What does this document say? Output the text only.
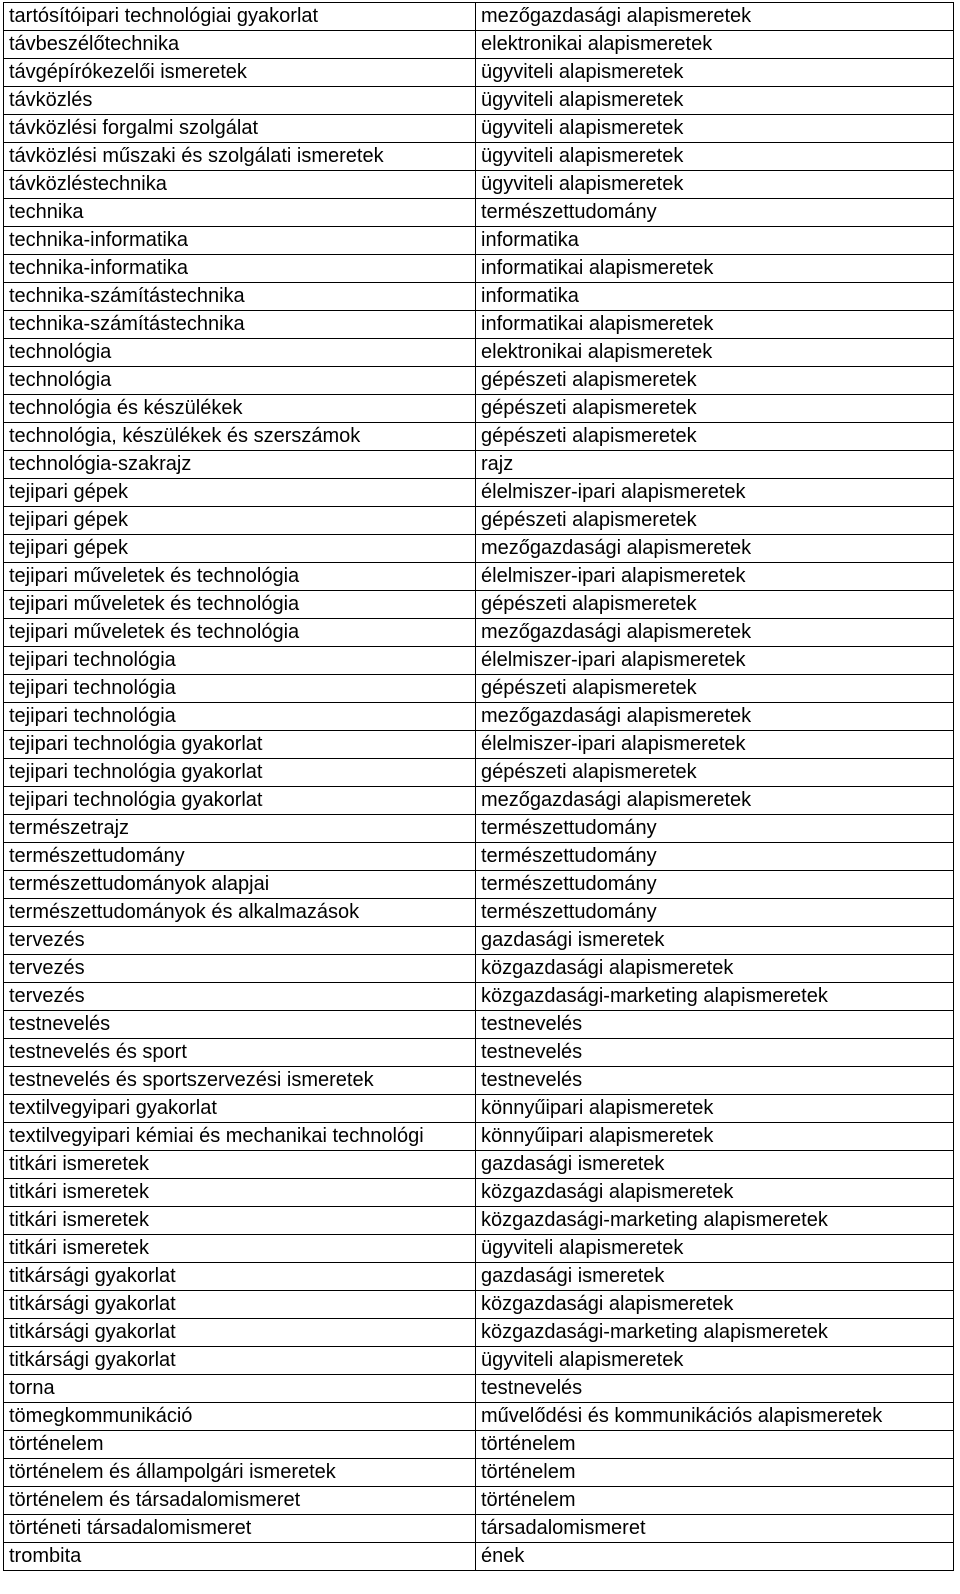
tartósítóipari technológiai gyakorlat	mezőgazdasági alapismeretek
távbeszélőtechnika	elektronikai alapismeretek
távgépírókezelői ismeretek	ügyviteli alapismeretek
távközlés	ügyviteli alapismeretek
távközlési forgalmi szolgálat	ügyviteli alapismeretek
távközlési műszaki és szolgálati ismeretek	ügyviteli alapismeretek
távközléstechnika	ügyviteli alapismeretek
technika	természettudomány
technika-informatika	informatika
technika-informatika	informatikai alapismeretek
technika-számítástechnika	informatika
technika-számítástechnika	informatikai alapismeretek
technológia	elektronikai alapismeretek
technológia	gépészeti alapismeretek
technológia és készülékek	gépészeti alapismeretek
technológia, készülékek és szerszámok	gépészeti alapismeretek
technológia-szakrajz	rajz
tejipari gépek	élelmiszer-ipari alapismeretek
tejipari gépek	gépészeti alapismeretek
tejipari gépek	mezőgazdasági alapismeretek
tejipari műveletek és technológia	élelmiszer-ipari alapismeretek
tejipari műveletek és technológia	gépészeti alapismeretek
tejipari műveletek és technológia	mezőgazdasági alapismeretek
tejipari technológia	élelmiszer-ipari alapismeretek
tejipari technológia	gépészeti alapismeretek
tejipari technológia	mezőgazdasági alapismeretek
tejipari technológia gyakorlat	élelmiszer-ipari alapismeretek
tejipari technológia gyakorlat	gépészeti alapismeretek
tejipari technológia gyakorlat	mezőgazdasági alapismeretek
természetrajz	természettudomány
természettudomány	természettudomány
természettudományok alapjai	természettudomány
természettudományok és alkalmazások	természettudomány
tervezés	gazdasági ismeretek
tervezés	közgazdasági alapismeretek
tervezés	közgazdasági-marketing alapismeretek
testnevelés	testnevelés
testnevelés és sport	testnevelés
testnevelés és sportszervezési ismeretek	testnevelés
textilvegyipari gyakorlat	könnyűipari alapismeretek
textilvegyipari kémiai és mechanikai technológi	könnyűipari alapismeretek
titkári ismeretek	gazdasági ismeretek
titkári ismeretek	közgazdasági alapismeretek
titkári ismeretek	közgazdasági-marketing alapismeretek
titkári ismeretek	ügyviteli alapismeretek
titkársági gyakorlat	gazdasági ismeretek
titkársági gyakorlat	közgazdasági alapismeretek
titkársági gyakorlat	közgazdasági-marketing alapismeretek
titkársági gyakorlat	ügyviteli alapismeretek
torna	testnevelés
tömegkommunikáció	művelődési és kommunikációs alapismeretek
történelem	történelem
történelem és állampolgári ismeretek	történelem
történelem és társadalomismeret	történelem
történeti társadalomismeret	társadalomismeret
trombita	ének
